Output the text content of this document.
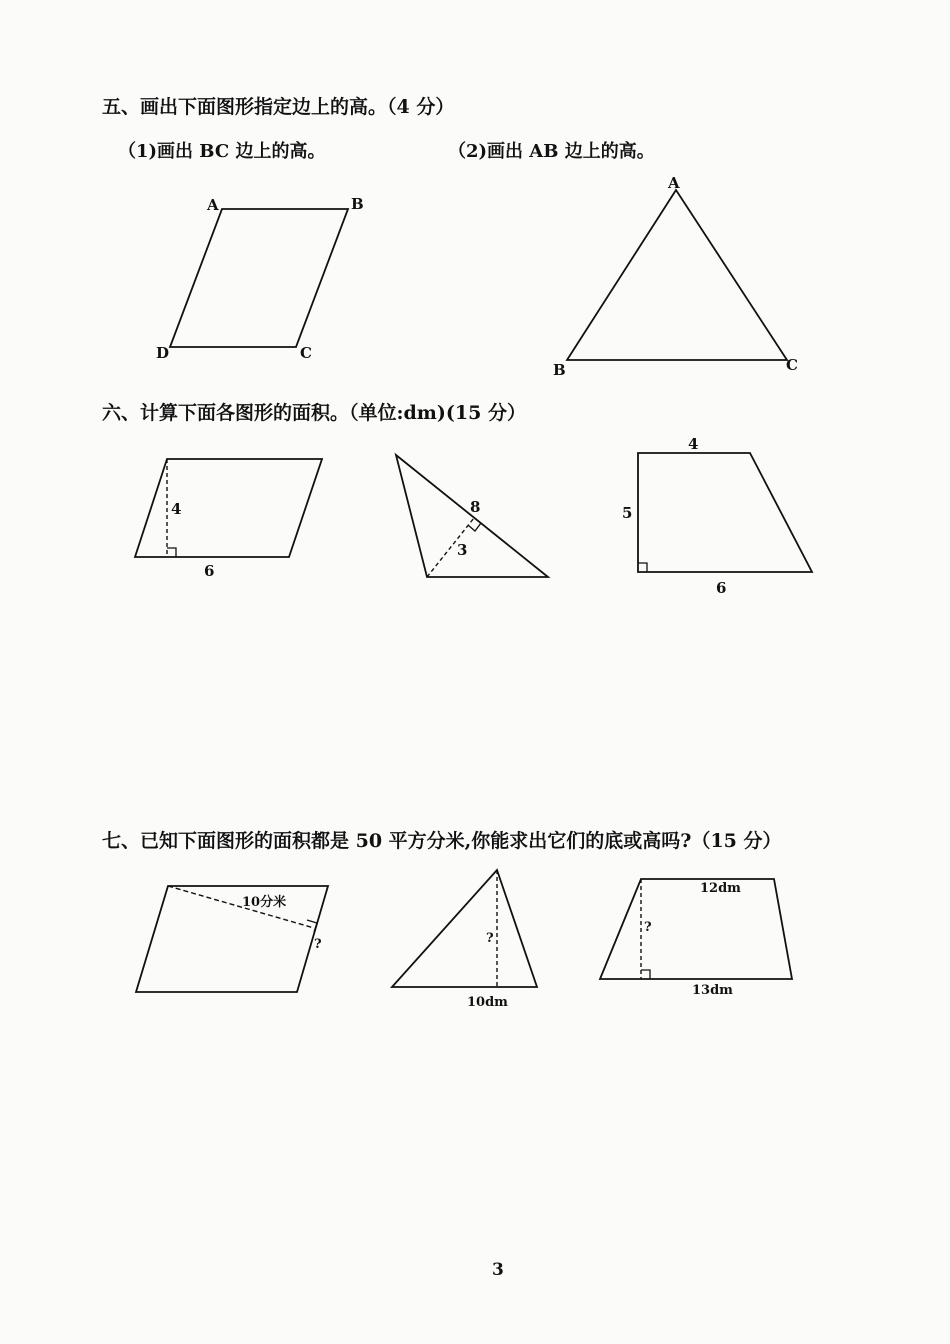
五、画出下面图形指定边上的高。（4 分）
（1)画出 BC 边上的高。	（2)画出 AB 边上的高。
六、计算下面各图形的面积。（单位:dm)(15 分）
七、已知下面图形的面积都是 50 平方分米,你能求出它们的底或高吗?（15 分）
3
A	B
C
D
A
B	C
4
6
8
3
4
5
6
10分米
?	?
10dm
12dm
?
13dm
